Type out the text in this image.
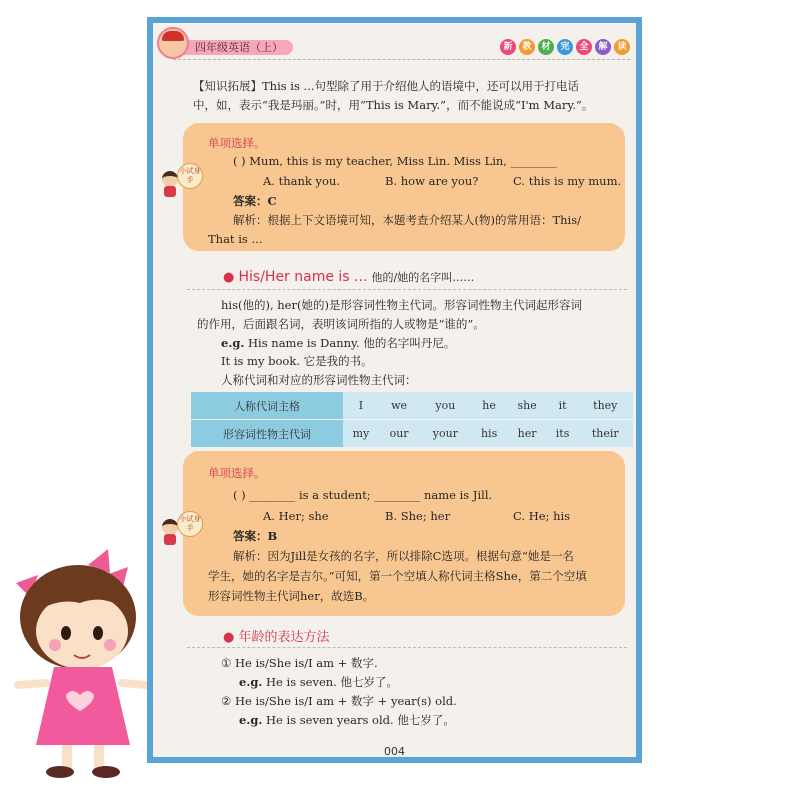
四年级英语（上）	新	教	材	完	全	解	读
【知识拓展】This is ...句型除了用于介绍他人的语境中，还可以用于打电话
中，如，表示“我是玛丽。”时，用“This is Mary.”，而不能说成“I'm Mary.”。
单项选择。
( ) Mum, this is my teacher, Miss Lin. Miss Lin, ________
A. thank you.	B. how are you?	C. this is my mum.
答案：C
解析：根据上下文语境可知，本题考查介绍某人(物)的常用语：This/
That is ...
小试身手
● His/Her name is ... 他的/她的名字叫……
his(他的), her(她的)是形容词性物主代词。形容词性物主代词起形容词
的作用，后面跟名词，表明该词所指的人或物是“谁的”。
e.g. His name is Danny. 他的名字叫丹尼。
It is my book. 它是我的书。
人称代词和对应的形容词性物主代词：
人称代词主格	I	we	you	he	she	it	they
形容词性物主代词	my	our	your	his	her	its	their
单项选择。
( ) ________ is a student; ________ name is Jill.
A. Her; she	B. She; her	C. He; his
答案：B
解析：因为Jill是女孩的名字，所以排除C选项。根据句意“她是一名
学生，她的名字是吉尔。”可知，第一个空填人称代词主格She，第二个空填
形容词性物主代词her，故选B。
小试身手
● 年龄的表达方法
① He is/She is/I am + 数字.
e.g. He is seven. 他七岁了。
② He is/She is/I am + 数字 + year(s) old.
e.g. He is seven years old. 他七岁了。
004
